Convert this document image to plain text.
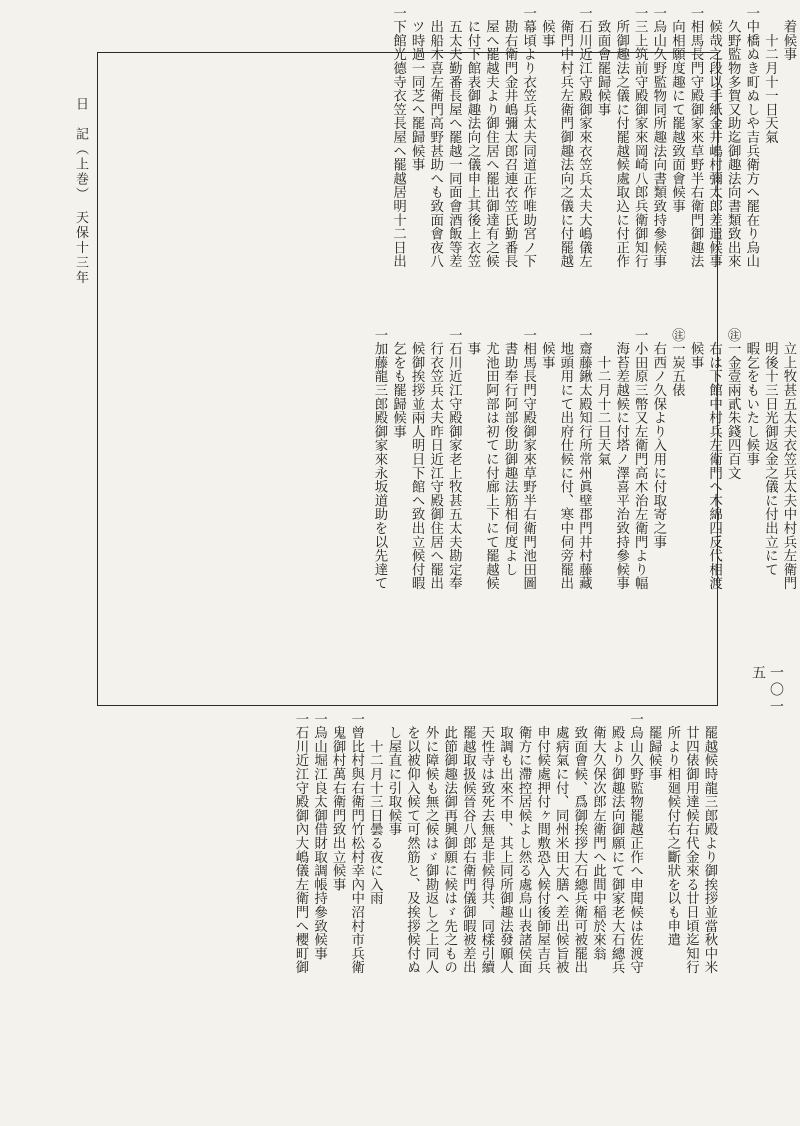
　着候事
　　十二月十一日天氣
一中橋ぬき町ぬしや吉兵衛方へ罷在り烏山
　久野監物多賀又助迄御趣法向書類致出來
　候哉之段以手紙金井嶋村彌太郎差遣候事
一相馬長門守殿御家來草野半右衛門御趣法
　向相願度趣にて罷越致面會候事
一烏山久野監物同所趣法向書類致持參候事
一三上筑前守殿御家來岡崎八郎兵衛御知行
　所御趣法之儀に付罷越候處取込に付正作
　致面會罷歸候事
一石川近江守殿御家來衣笠兵太夫大嶋儀左
　衛門中村兵左衛門御趣法向之儀に付罷越
　候事
一幕頃より衣笠兵太夫同道正作唯助宮ノ下
　勘右衛門金井嶋彌太郎召連衣笠氏勤番長
　屋へ罷越夫より御住居へ罷出御達有之候
　に付下館表御趣法向之儀申上其後上衣笠
　五太夫勤番長屋へ罷越一同面會酒飯等差
　出船木喜左衛門高野甚助へも致面會夜八
　ツ時過一同芝へ罷歸候事
一下館光德寺衣笠長屋へ罷越居明十二日出
　立上牧甚五太夫衣笠兵太夫中村兵左衛門
　明後十三日光御返金之儀に付出立にて
　暇乞をもいたし候事
㊟一金壹兩貳朱錢四百文
　右は下館中村兵左衛門へ木綿四反代相渡
　候事
㊟一炭五俵
　右西ノ久保より入用に付取寄之事
一小田原三幣又左衛門高木治左衛門より幅
　海苔差越候に付塔ノ澤喜平治致持參候事
　　十二月十二日天氣
一齋藤鍬太殿知行所常州眞壁郡門井村藤藏
　地頭用にて出府仕候に付、寒中伺旁罷出
　候事
一相馬長門守殿御家來草野半右衛門池田圖
　書助奉行阿部俊助御趣法筋相伺度よし
　尤池田阿部は初てに付廊上下にて罷越候
　事
一石川近江守殿御家老上牧甚五太夫勘定奉
　行衣笠兵太夫昨日近江守殿御住居へ罷出
　候御挨拶並兩人明日下館へ致出立候付暇
　乞をも罷歸候事
一加藤龍三郎殿御家來永坂道助を以先達て
日　記（上巻）　天保十三年
一〇一五
　罷越候時龍三郎殿より御挨拶並當秋中米
　廿四俵御用達候右代金來る廿日頃迄知行
　所より相廻候付右之斷狀を以も申遣
　罷歸候事
一烏山久野監物罷越正作へ申聞候は佐渡守
　殿より御趣法向御願にて御家老大石總兵
　衛大久保次郎左衛門へ此間中稲於來翁
　致面會候、爲御挨拶大石總兵衛可被罷出
　處病氣に付、同州米田大膳へ差出候旨被
　申付候處押付ヶ間敷恐入候付後師屋吉兵
　衛方に滯控居候よし然る處烏山表諸侯面
　取調も出來不申、其上同所御趣法發願人
　天性寺は致死去無是非候得共、同樣引續
　罷越取扱候晉谷八郎右衛門儀御暇被差出
　此節御趣法御再興御願に候はゞ先之もの
　外に障候も無之候はゞ御勘返し之上同人
　を以被仰入候て可然筋と、及挨拶候付ぬ
　し屋直に引取候事
　　十二月十三日曇る夜に入雨
一曾比村與右衛門竹松村幸內中沼村市兵衛
　鬼御村萬右衛門致出立候事
一烏山堀江良太御借財取調帳持參致候事
一石川近江守殿御內大嶋儀左衛門へ櫻町御
